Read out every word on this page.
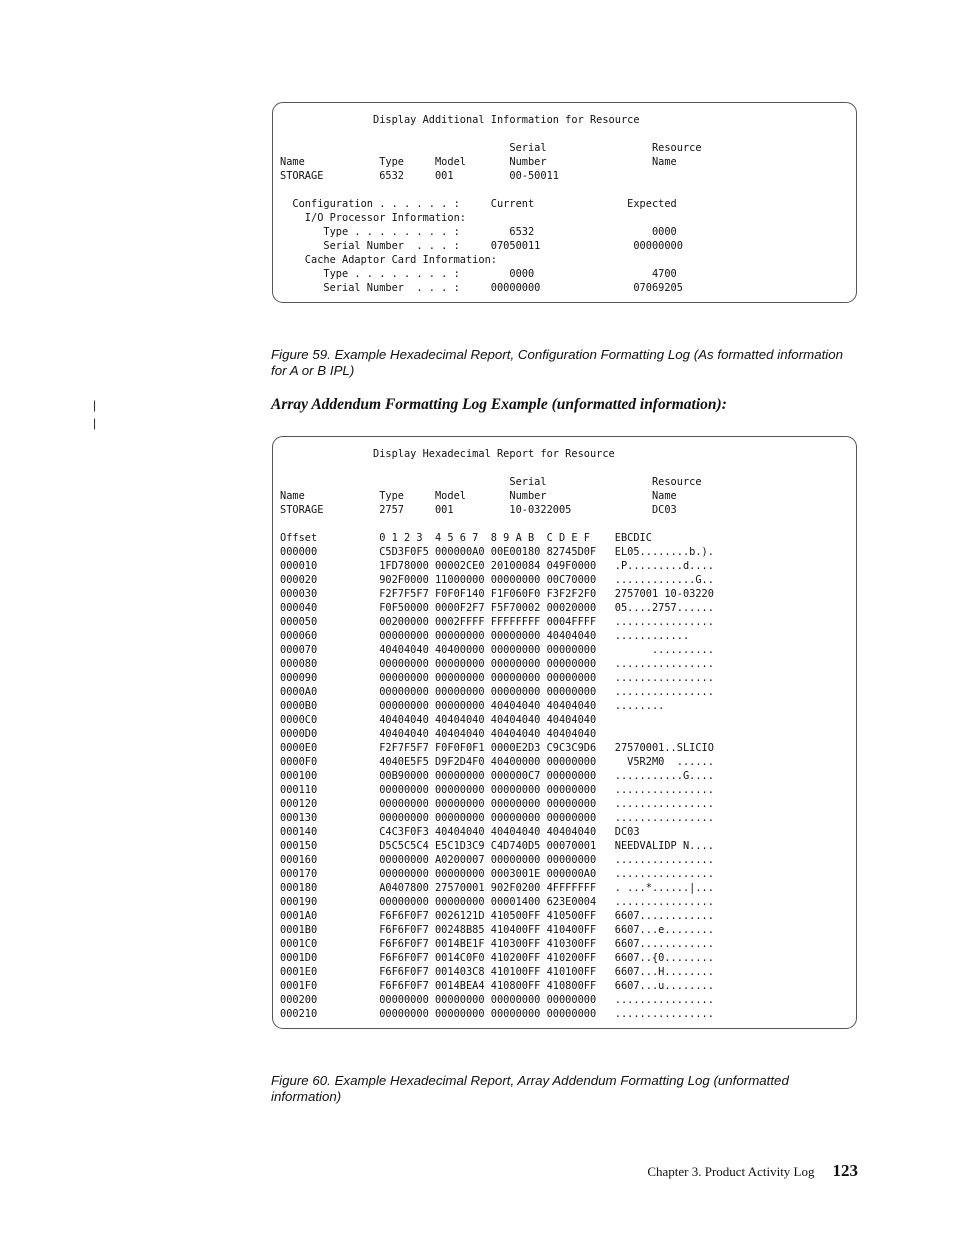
Display Additional Information for Resource

Serial                 Resource
Name            Type     Model       Number                 Name
STORAGE         6532     001         00-50011

Configuration . . . . . . :     Current               Expected
I/O Processor Information:
Type . . . . . . . . :        6532                   0000
Serial Number  . . . :     07050011               00000000
Cache Adaptor Card Information:
Type . . . . . . . . :        0000                   4700
Serial Number  . . . :     00000000               07069205

Figure 59. Example Hexadecimal Report, Configuration Formatting Log (As formatted information for A or B IPL)

|
|
Array Addendum Formatting Log Example (unformatted information):
Display Hexadecimal Report for Resource

Serial                 Resource
Name            Type     Model       Number                 Name
STORAGE         2757     001         10-0322005             DC03

Offset          0 1 2 3  4 5 6 7  8 9 A B  C D E F    EBCDIC
000000          C5D3F0F5 000000A0 00E00180 82745D0F   EL05........b.).
000010          1FD78000 00002CE0 20100084 049F0000   .P.........d....
000020          902F0000 11000000 00000000 00C70000   .............G..
000030          F2F7F5F7 F0F0F140 F1F060F0 F3F2F2F0   2757001 10-03220
000040          F0F50000 0000F2F7 F5F70002 00020000   05....2757......
000050          00200000 0002FFFF FFFFFFFF 0004FFFF   ................
000060          00000000 00000000 00000000 40404040   ............
000070          40404040 40400000 00000000 00000000         ..........
000080          00000000 00000000 00000000 00000000   ................
000090          00000000 00000000 00000000 00000000   ................
0000A0          00000000 00000000 00000000 00000000   ................
0000B0          00000000 00000000 40404040 40404040   ........
0000C0          40404040 40404040 40404040 40404040
0000D0          40404040 40404040 40404040 40404040
0000E0          F2F7F5F7 F0F0F0F1 0000E2D3 C9C3C9D6   27570001..SLICIO
0000F0          4040E5F5 D9F2D4F0 40400000 00000000     V5R2M0  ......
000100          00B90000 00000000 000000C7 00000000   ...........G....
000110          00000000 00000000 00000000 00000000   ................
000120          00000000 00000000 00000000 00000000   ................
000130          00000000 00000000 00000000 00000000   ................
000140          C4C3F0F3 40404040 40404040 40404040   DC03
000150          D5C5C5C4 E5C1D3C9 C4D740D5 00070001   NEEDVALIDP N....
000160          00000000 A0200007 00000000 00000000   ................
000170          00000000 00000000 0003001E 000000A0   ................
000180          A0407800 27570001 902F0200 4FFFFFFF   . ...*......|...
000190          00000000 00000000 00001400 623E0004   ................
0001A0          F6F6F0F7 0026121D 410500FF 410500FF   6607............
0001B0          F6F6F0F7 00248B85 410400FF 410400FF   6607...e........
0001C0          F6F6F0F7 0014BE1F 410300FF 410300FF   6607............
0001D0          F6F6F0F7 0014C0F0 410200FF 410200FF   6607..{0........
0001E0          F6F6F0F7 001403C8 410100FF 410100FF   6607...H........
0001F0          F6F6F0F7 0014BEA4 410800FF 410800FF   6607...u........
000200          00000000 00000000 00000000 00000000   ................
000210          00000000 00000000 00000000 00000000   ................

Figure 60. Example Hexadecimal Report, Array Addendum Formatting Log (unformatted information)

Chapter 3. Product Activity Log 123
